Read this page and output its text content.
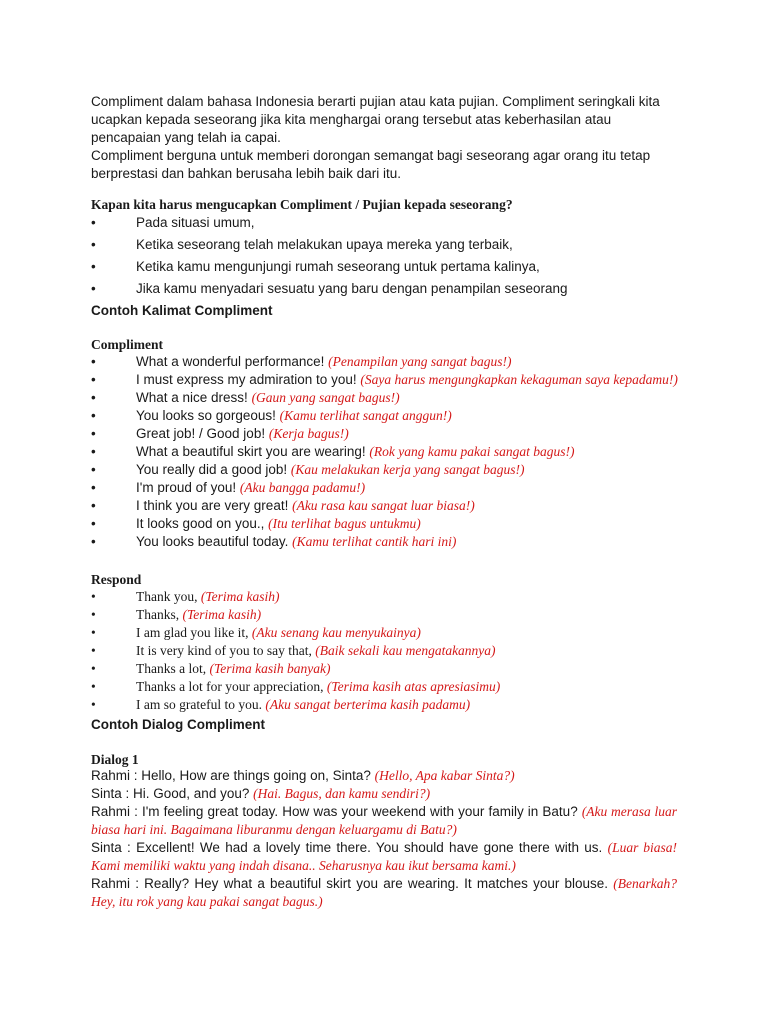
Compliment dalam bahasa Indonesia berarti pujian atau kata pujian. Compliment seringkali kita ucapkan kepada seseorang jika kita menghargai orang tersebut atas keberhasilan atau pencapaian yang telah ia capai.
Compliment berguna untuk memberi dorongan semangat bagi seseorang agar orang itu tetap berprestasi dan bahkan berusaha lebih baik dari itu.
Kapan kita harus mengucapkan Compliment / Pujian kepada seseorang?
•	Pada situasi umum,
•	Ketika seseorang telah melakukan upaya mereka yang terbaik,
•	Ketika kamu mengunjungi rumah seseorang untuk pertama kalinya,
•	Jika kamu menyadari sesuatu yang baru dengan penampilan seseorang
Contoh Kalimat Compliment
Compliment
•	What a wonderful performance! (Penampilan yang sangat bagus!)
•	I must express my admiration to you! (Saya harus mengungkapkan kekaguman saya kepadamu!)
•	What a nice dress! (Gaun yang sangat bagus!)
•	You looks so gorgeous! (Kamu terlihat sangat anggun!)
•	Great job! / Good job! (Kerja bagus!)
•	What a beautiful skirt you are wearing! (Rok yang kamu pakai sangat bagus!)
•	You really did a good job! (Kau melakukan kerja yang sangat bagus!)
•	I'm proud of you! (Aku bangga padamu!)
•	I think you are very great! (Aku rasa kau sangat luar biasa!)
•	It looks good on you., (Itu terlihat bagus untukmu)
•	You looks beautiful today. (Kamu terlihat cantik hari ini)
Respond
•	Thank you, (Terima kasih)
•	Thanks, (Terima kasih)
•	I am glad you like it, (Aku senang kau menyukainya)
•	It is very kind of you to say that, (Baik sekali kau mengatakannya)
•	Thanks a lot, (Terima kasih banyak)
•	Thanks a lot for your appreciation, (Terima kasih atas apresiasimu)
•	I am so grateful to you. (Aku sangat berterima kasih padamu)
Contoh Dialog Compliment
Dialog 1

Rahmi : Hello, How are things going on, Sinta? (Hello, Apa kabar Sinta?)

Sinta : Hi. Good, and you? (Hai. Bagus, dan kamu sendiri?)

Rahmi : I'm feeling great today. How was your weekend with your family in Batu? (Aku merasa luar biasa hari ini. Bagaimana liburanmu dengan keluargamu di Batu?)

Sinta : Excellent! We had a lovely time there. You should have gone there with us. (Luar biasa! Kami memiliki waktu yang indah disana.. Seharusnya kau ikut bersama kami.)

Rahmi : Really? Hey what a beautiful skirt you are wearing. It matches your blouse. (Benarkah? Hey, itu rok yang kau pakai sangat bagus.)
